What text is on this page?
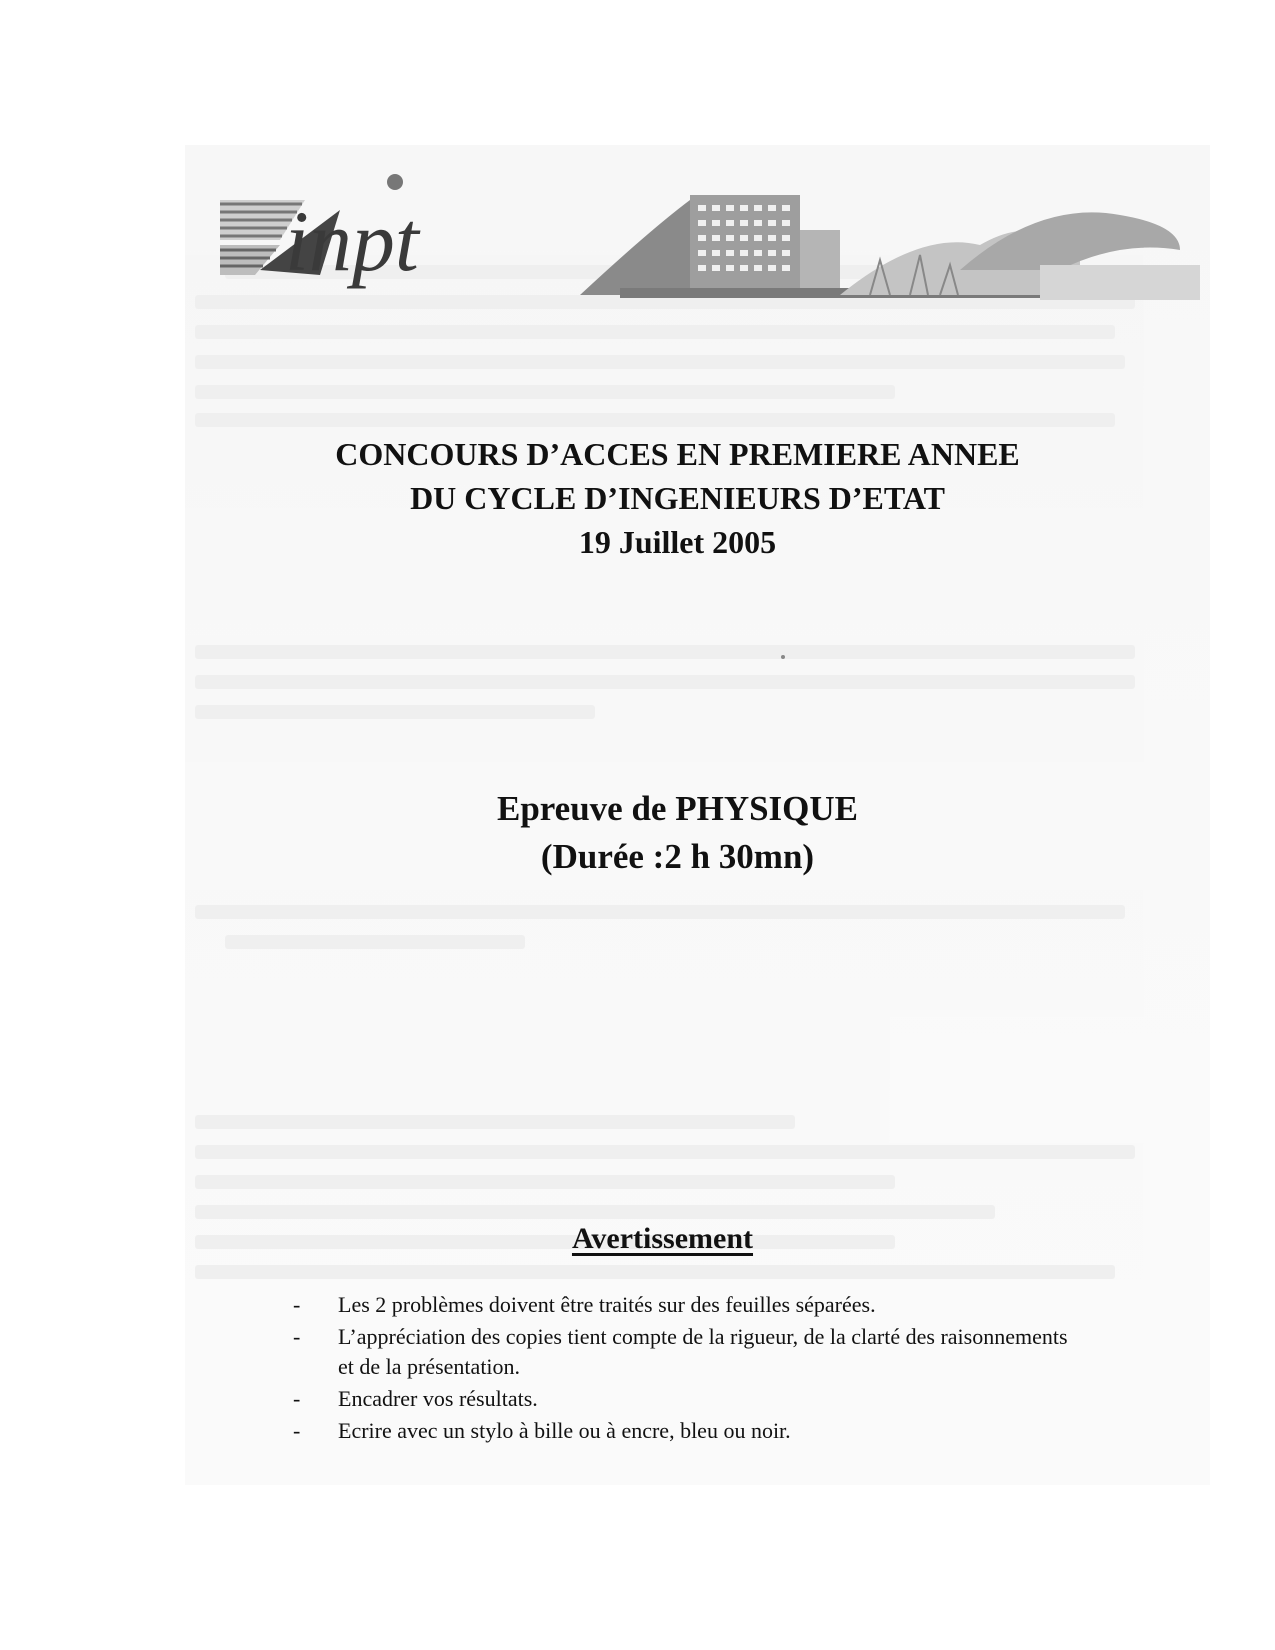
inpt
CONCOURS D’ACCES EN PREMIERE ANNEE
DU CYCLE D’INGENIEURS D’ETAT
19 Juillet 2005
Epreuve de PHYSIQUE
(Durée :2 h 30mn)
Avertissement
- Les 2 problèmes doivent être traités sur des feuilles séparées.
- L’appréciation des copies tient compte de la rigueur, de la clarté des raisonnements et de la présentation.
- Encadrer vos résultats.
- Ecrire avec un stylo à bille ou à encre, bleu ou noir.
